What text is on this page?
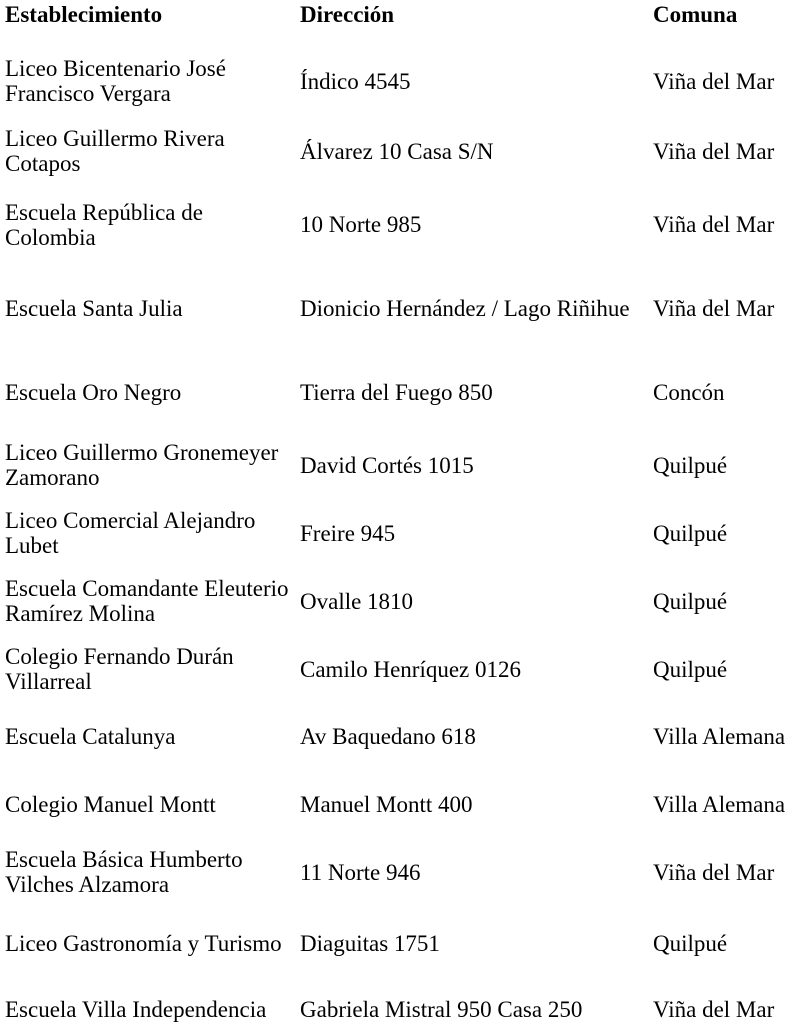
Establecimiento	Dirección	Comuna
Liceo Bicentenario José Francisco Vergara	Índico 4545	Viña del Mar
Liceo Guillermo Rivera Cotapos	Álvarez 10 Casa S/N	Viña del Mar
Escuela República de Colombia	10 Norte 985	Viña del Mar
Escuela Santa Julia	Dionicio Hernández / Lago Riñihue	Viña del Mar
Escuela Oro Negro	Tierra del Fuego 850	Concón
Liceo Guillermo Gronemeyer Zamorano	David Cortés 1015	Quilpué
Liceo Comercial Alejandro Lubet	Freire 945	Quilpué
Escuela Comandante Eleuterio Ramírez Molina	Ovalle 1810	Quilpué
Colegio Fernando Durán Villarreal	Camilo Henríquez 0126	Quilpué
Escuela Catalunya	Av Baquedano 618	Villa Alemana
Colegio Manuel Montt	Manuel Montt 400	Villa Alemana
Escuela Básica Humberto Vilches Alzamora	11 Norte 946	Viña del Mar
Liceo Gastronomía y Turismo	Diaguitas 1751	Quilpué
Escuela Villa Independencia	Gabriela Mistral 950 Casa 250	Viña del Mar
